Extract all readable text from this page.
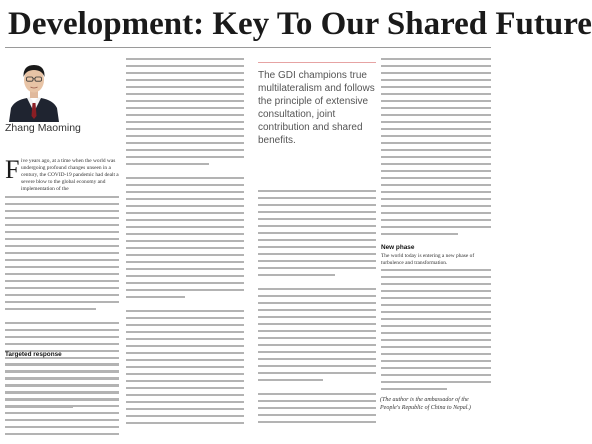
Development: Key To Our Shared Future

Zhang Maoming

F ive years ago, at a time when the world was undergoing profound changes unseen in a century, the COVID-19 pandemic had dealt a severe blow to the global economy and implementation of the

Targeted response

The GDI champions true multilateralism and follows the principle of extensive consultation, joint contribution and shared benefits.

New phase

The world today is entering a new phase of turbulence and transformation.

(The author is the ambassador of the People's Republic of China to Nepal.)
